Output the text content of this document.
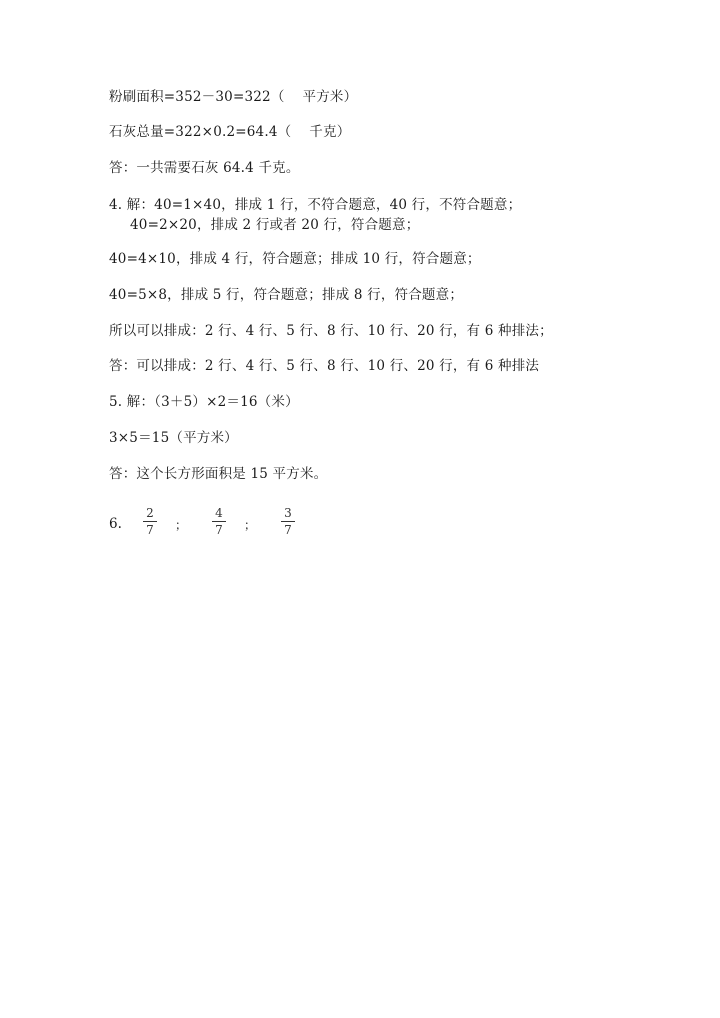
粉刷面积=352－30=322（    平方米）
石灰总量=322×0.2=64.4（    千克）
答：一共需要石灰 64.4 千克。
4. 解：40=1×40，排成 1 行，不符合题意，40 行，不符合题意；
40=2×20，排成 2 行或者 20 行，符合题意；
40=4×10，排成 4 行，符合题意；排成 10 行，符合题意；
40=5×8，排成 5 行，符合题意；排成 8 行，符合题意；
所以可以排成：2 行、4 行、5 行、8 行、10 行、20 行，有 6 种排法；
答：可以排成：2 行、4 行、5 行、8 行、10 行、20 行，有 6 种排法
5. 解：（3＋5）×2＝16（米）
3×5＝15（平方米）
答：这个长方形面积是 15 平方米。
6.
2
7 ；
4
7 ；
3
7
